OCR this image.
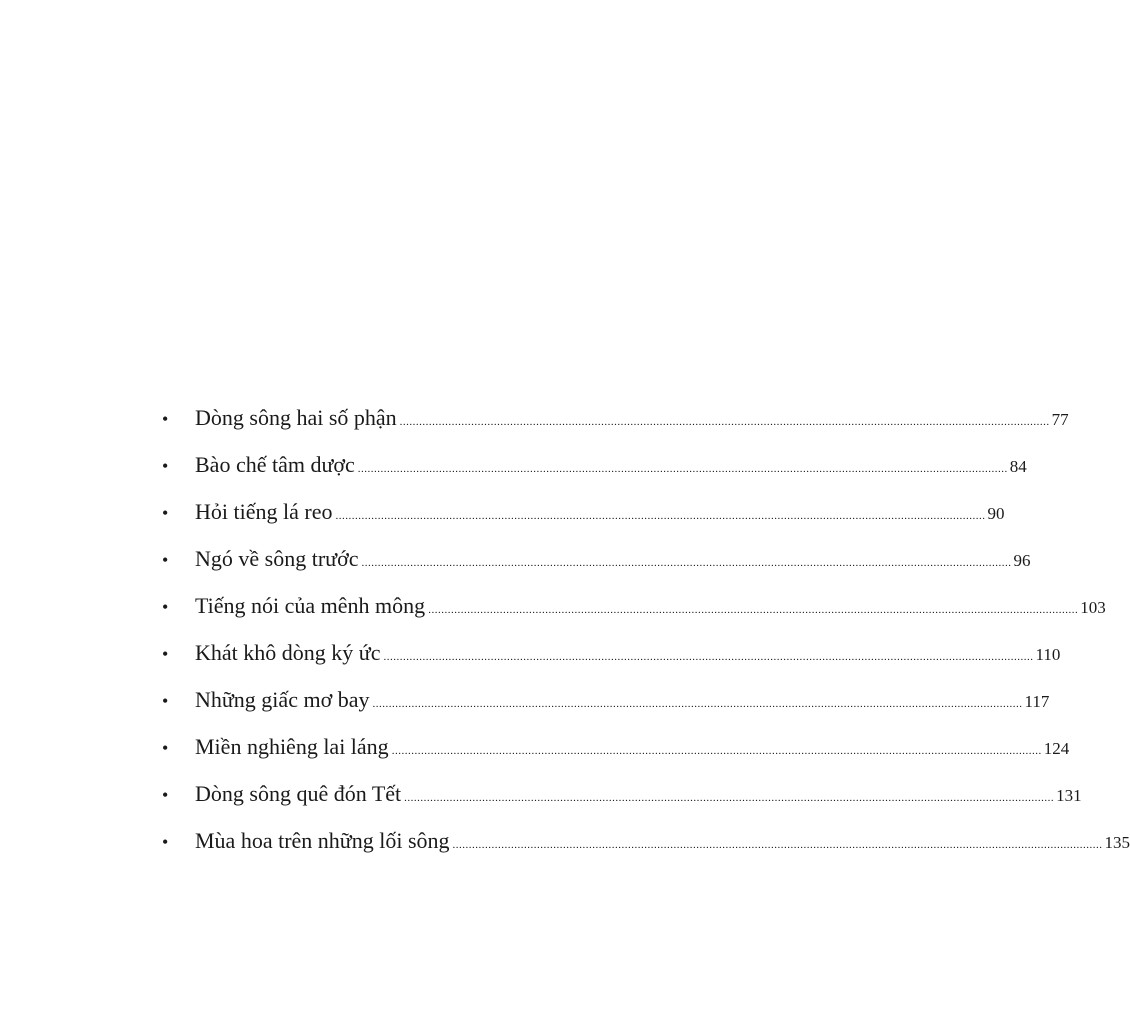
•	Dòng sông hai số phận ........................................................................................................................................................................................................ 77
•	Bào chế tâm dược ........................................................................................................................................................................................................ 84
•	Hỏi tiếng lá reo ........................................................................................................................................................................................................ 90
•	Ngó về sông trước ........................................................................................................................................................................................................ 96
•	Tiếng nói của mênh mông ........................................................................................................................................................................................................ 103
•	Khát khô dòng ký ức ........................................................................................................................................................................................................ 110
•	Những giấc mơ bay ........................................................................................................................................................................................................ 117
•	Miền nghiêng lai láng ........................................................................................................................................................................................................ 124
•	Dòng sông quê đón Tết ........................................................................................................................................................................................................ 131
•	Mùa hoa trên những lối sông ........................................................................................................................................................................................................ 135
